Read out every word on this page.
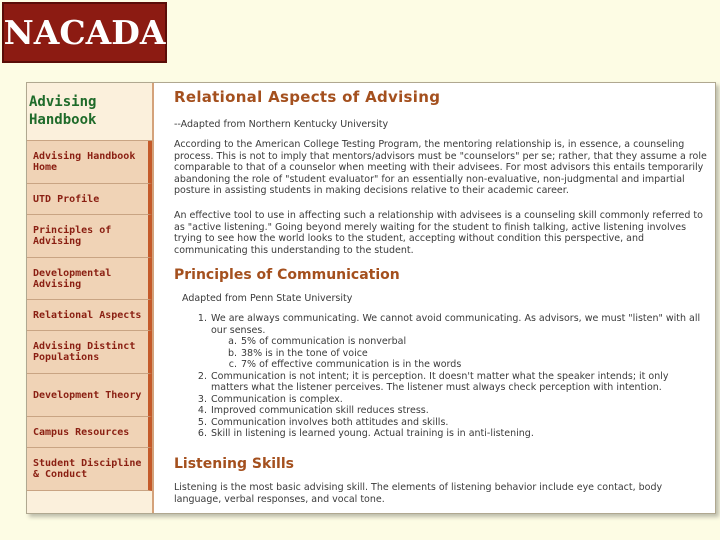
NACADA
Advising Handbook
Advising Handbook Home
UTD Profile
Principles of Advising
Developmental Advising
Relational Aspects
Advising Distinct Populations
Development Theory
Campus Resources
Student Discipline & Conduct
Relational Aspects of Advising
--Adapted from Northern Kentucky University
According to the American College Testing Program, the mentoring relationship is, in essence, a counseling process. This is not to imply that mentors/advisors must be "counselors" per se; rather, that they assume a role comparable to that of a counselor when meeting with their advisees. For most advisors this entails temporarily abandoning the role of "student evaluator" for an essentially non-evaluative, non-judgmental and impartial posture in assisting students in making decisions relative to their academic career.
An effective tool to use in affecting such a relationship with advisees is a counseling skill commonly referred to as "active listening." Going beyond merely waiting for the student to finish talking, active listening involves trying to see how the world looks to the student, accepting without condition this perspective, and communicating this understanding to the student.
Principles of Communication
Adapted from Penn State University
1. We are always communicating. We cannot avoid communicating. As advisors, we must "listen" with all our senses.
a. 5% of communication is nonverbal
b. 38% is in the tone of voice
c. 7% of effective communication is in the words
2. Communication is not intent; it is perception. It doesn't matter what the speaker intends; it only matters what the listener perceives. The listener must always check perception with intention.
3. Communication is complex.
4. Improved communication skill reduces stress.
5. Communication involves both attitudes and skills.
6. Skill in listening is learned young. Actual training is in anti-listening.
Listening Skills
Listening is the most basic advising skill. The elements of listening behavior include eye contact, body language, verbal responses, and vocal tone.
